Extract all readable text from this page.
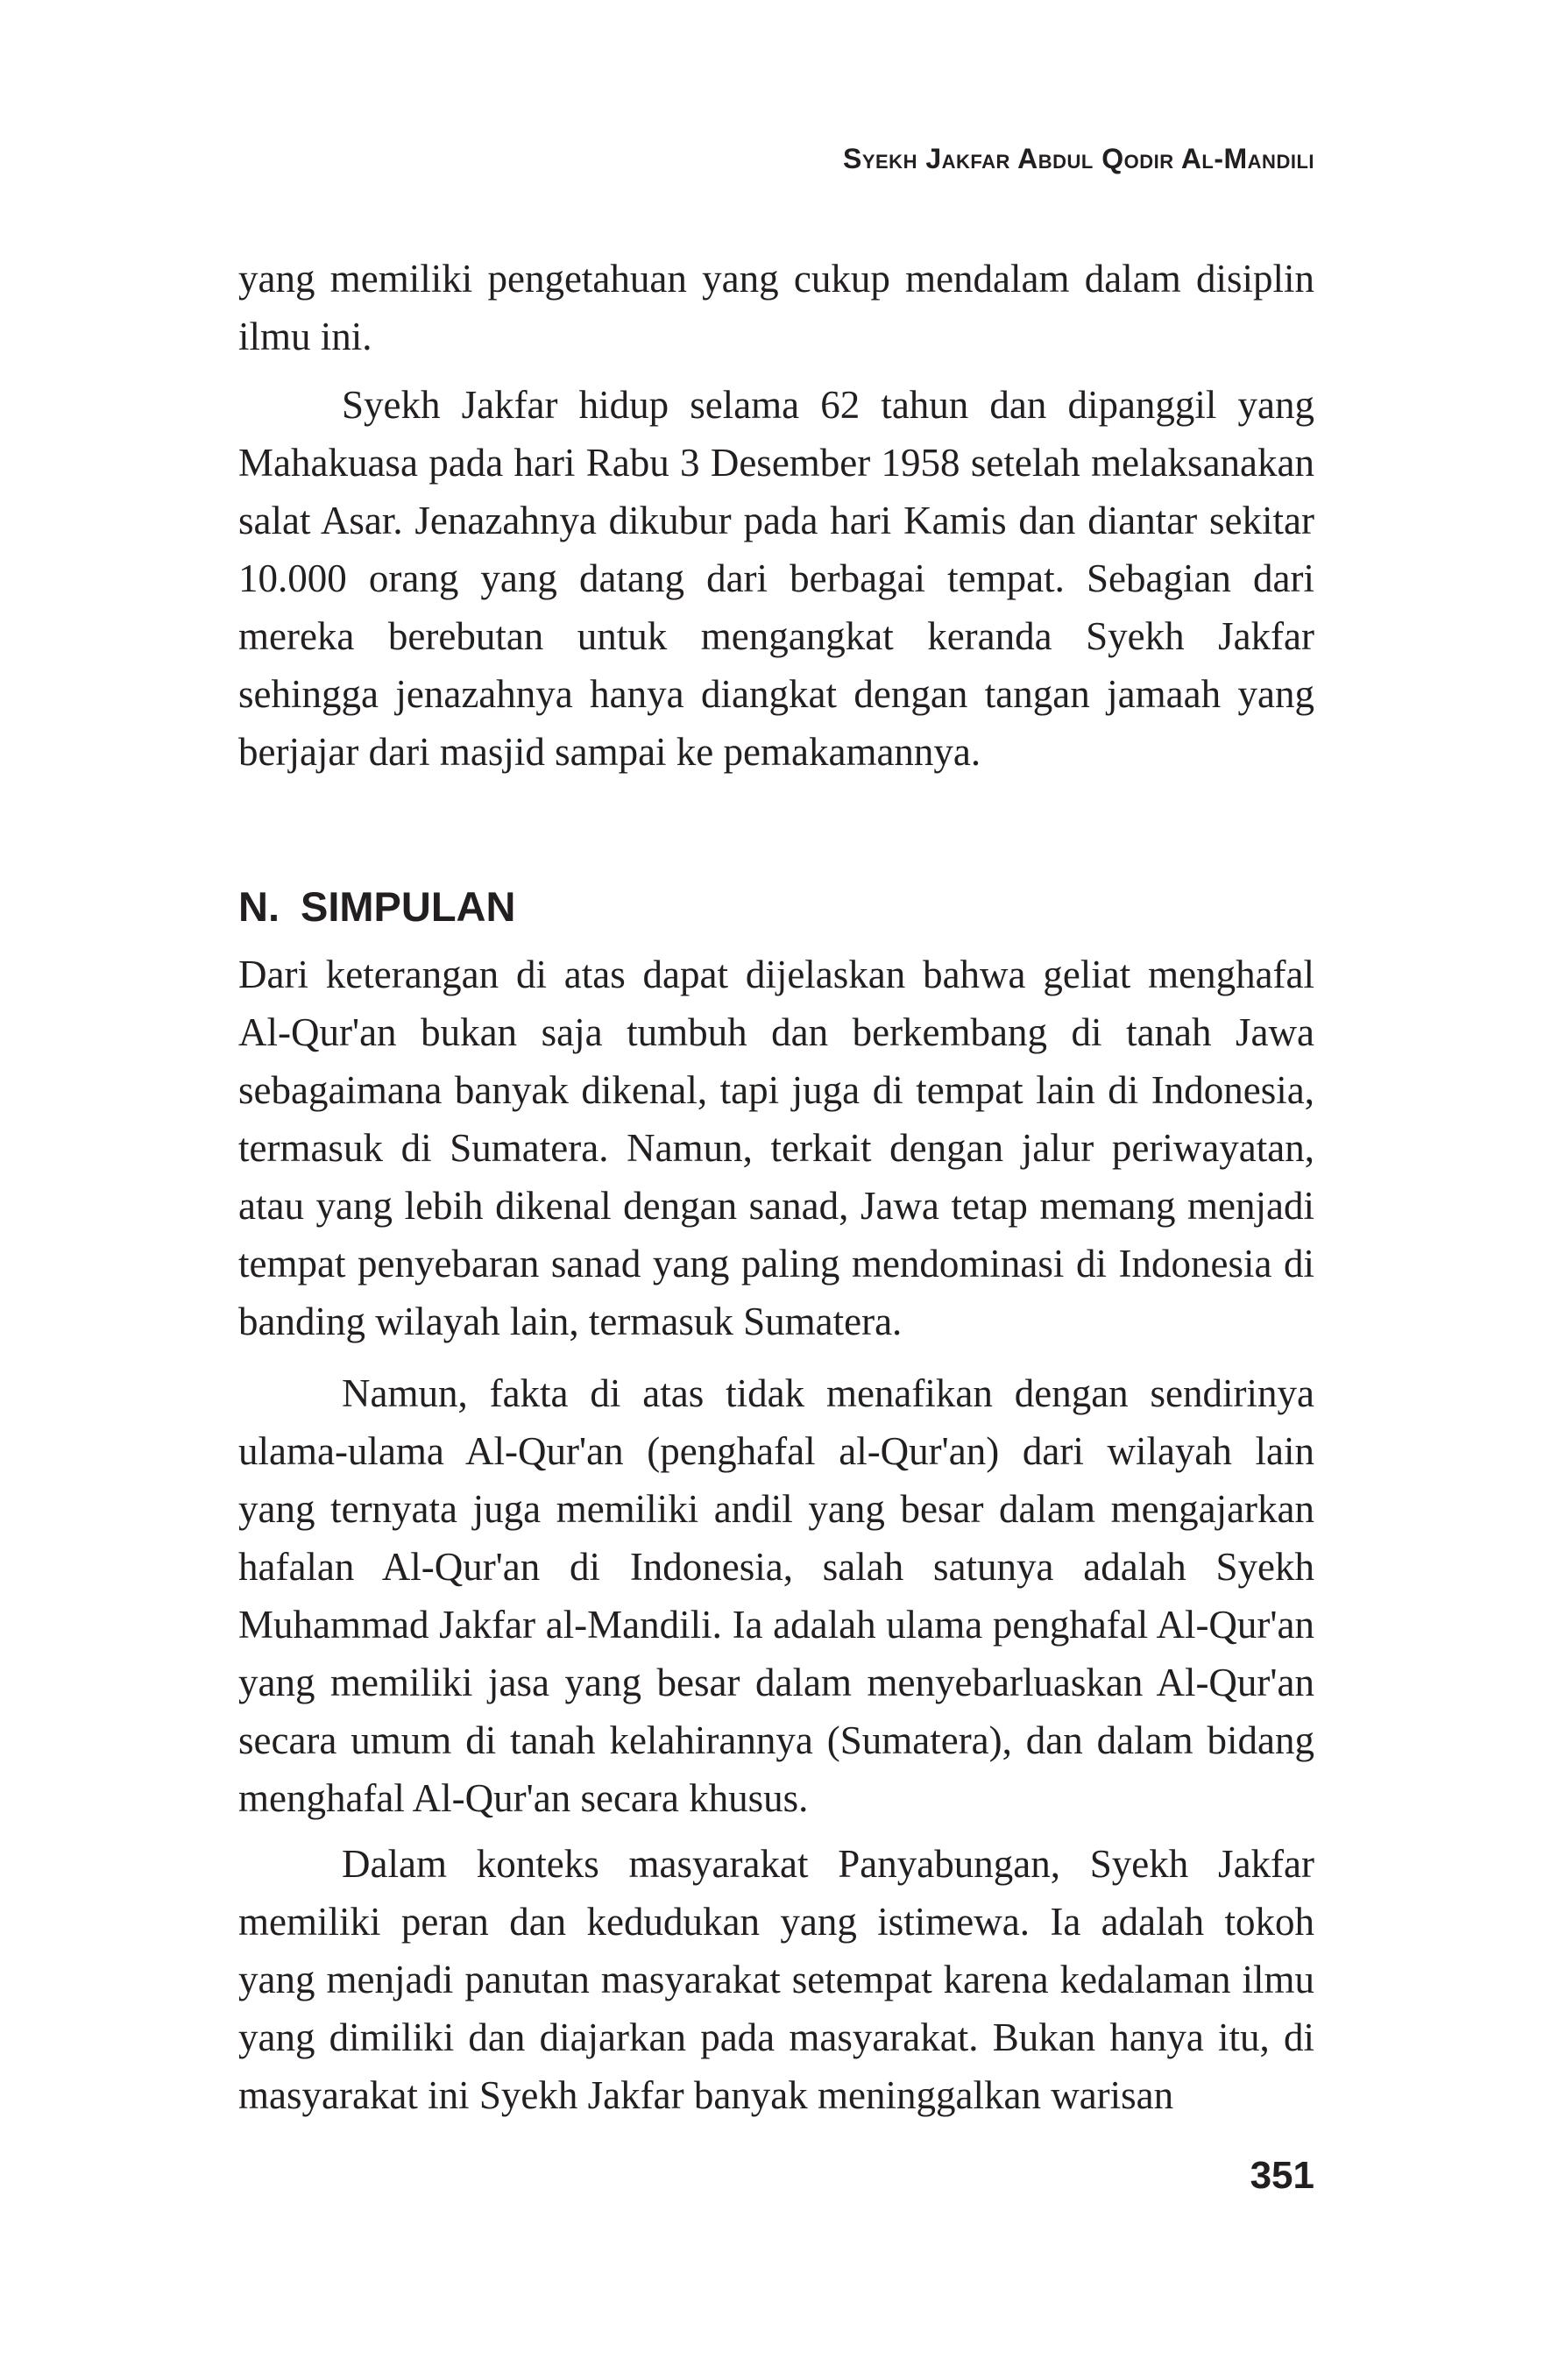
Syekh Jakfar Abdul Qodir Al-Mandili

yang memiliki pengetahuan yang cukup mendalam dalam disiplin ilmu ini.

Syekh Jakfar hidup selama 62 tahun dan dipanggil yang Mahakuasa pada hari Rabu 3 Desember 1958 setelah melaksanakan salat Asar. Jenazahnya dikubur pada hari Kamis dan diantar sekitar 10.000 orang yang datang dari berbagai tempat. Sebagian dari mereka berebutan untuk mengangkat keranda Syekh Jakfar sehingga jenazahnya hanya diangkat dengan tangan jamaah yang berjajar dari masjid sampai ke pemakamannya.

N. SIMPULAN

Dari keterangan di atas dapat dijelaskan bahwa geliat menghafal Al-Qur'an bukan saja tumbuh dan berkembang di tanah Jawa sebagaimana banyak dikenal, tapi juga di tempat lain di Indonesia, termasuk di Sumatera. Namun, terkait dengan jalur periwayatan, atau yang lebih dikenal dengan sanad, Jawa tetap memang menjadi tempat penyebaran sanad yang paling mendominasi di Indonesia di banding wilayah lain, termasuk Sumatera.

Namun, fakta di atas tidak menafikan dengan sendirinya ulama-ulama Al-Qur'an (penghafal al-Qur'an) dari wilayah lain yang ternyata juga memiliki andil yang besar dalam mengajarkan hafalan Al-Qur'an di Indonesia, salah satunya adalah Syekh Muhammad Jakfar al-Mandili. Ia adalah ulama penghafal Al-Qur'an yang memiliki jasa yang besar dalam menyebarluaskan Al-Qur'an secara umum di tanah kelahirannya (Sumatera), dan dalam bidang menghafal Al-Qur'an secara khusus.

Dalam konteks masyarakat Panyabungan, Syekh Jakfar memiliki peran dan kedudukan yang istimewa. Ia adalah tokoh yang menjadi panutan masyarakat setempat karena kedalaman ilmu yang dimiliki dan diajarkan pada masyarakat. Bukan hanya itu, di masyarakat ini Syekh Jakfar banyak meninggalkan warisan

351
